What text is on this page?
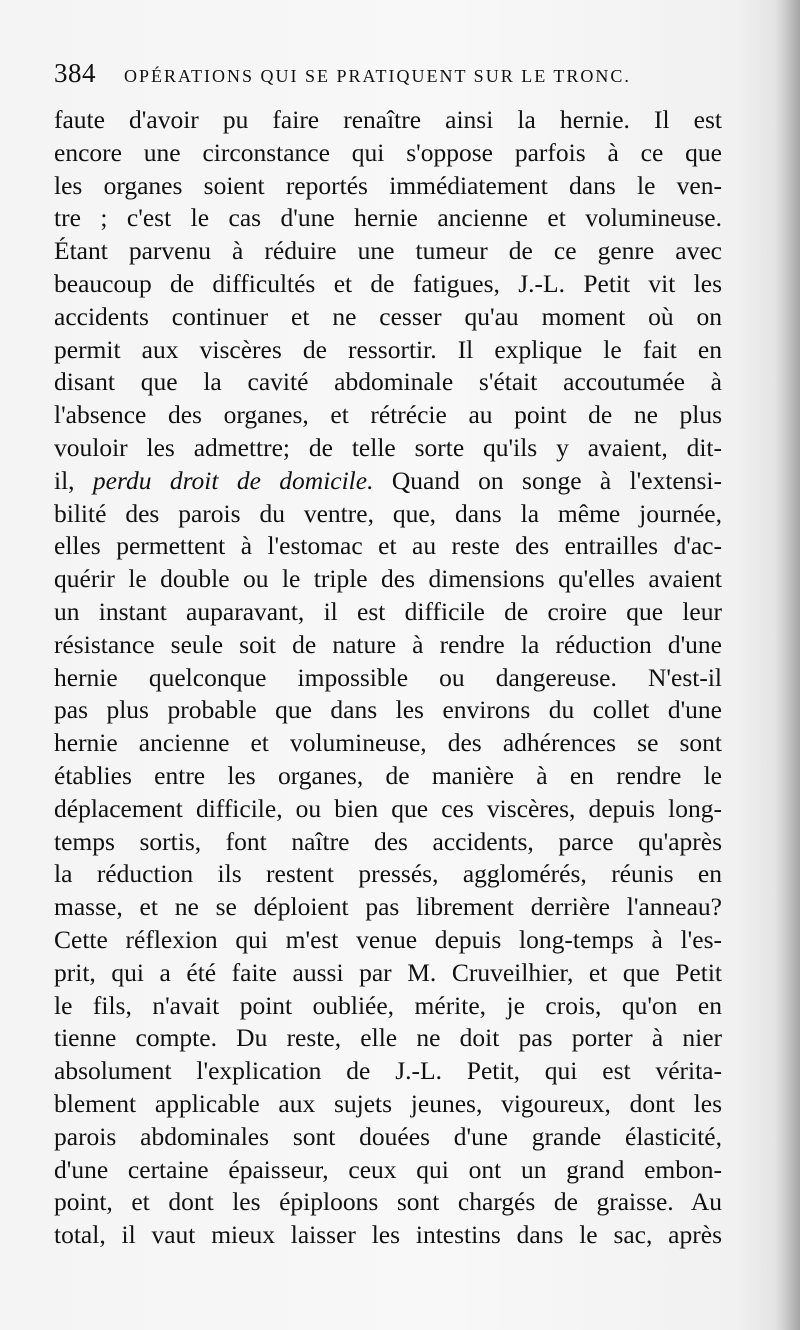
384 OPÉRATIONS QUI SE PRATIQUENT SUR LE TRONC.
faute d'avoir pu faire renaître ainsi la hernie. Il est
encore une circonstance qui s'oppose parfois à ce que
les organes soient reportés immédiatement dans le ven-
tre ; c'est le cas d'une hernie ancienne et volumineuse.
Étant parvenu à réduire une tumeur de ce genre avec
beaucoup de difficultés et de fatigues, J.-L. Petit vit les
accidents continuer et ne cesser qu'au moment où on
permit aux viscères de ressortir. Il explique le fait en
disant que la cavité abdominale s'était accoutumée à
l'absence des organes, et rétrécie au point de ne plus
vouloir les admettre; de telle sorte qu'ils y avaient, dit-
il, perdu droit de domicile. Quand on songe à l'extensi-
bilité des parois du ventre, que, dans la même journée,
elles permettent à l'estomac et au reste des entrailles d'ac-
quérir le double ou le triple des dimensions qu'elles avaient
un instant auparavant, il est difficile de croire que leur
résistance seule soit de nature à rendre la réduction d'une
hernie quelconque impossible ou dangereuse. N'est-il
pas plus probable que dans les environs du collet d'une
hernie ancienne et volumineuse, des adhérences se sont
établies entre les organes, de manière à en rendre le
déplacement difficile, ou bien que ces viscères, depuis long-
temps sortis, font naître des accidents, parce qu'après
la réduction ils restent pressés, agglomérés, réunis en
masse, et ne se déploient pas librement derrière l'anneau?
Cette réflexion qui m'est venue depuis long-temps à l'es-
prit, qui a été faite aussi par M. Cruveilhier, et que Petit
le fils, n'avait point oubliée, mérite, je crois, qu'on en
tienne compte. Du reste, elle ne doit pas porter à nier
absolument l'explication de J.-L. Petit, qui est vérita-
blement applicable aux sujets jeunes, vigoureux, dont les
parois abdominales sont douées d'une grande élasticité,
d'une certaine épaisseur, ceux qui ont un grand embon-
point, et dont les épiploons sont chargés de graisse. Au
total, il vaut mieux laisser les intestins dans le sac, après
